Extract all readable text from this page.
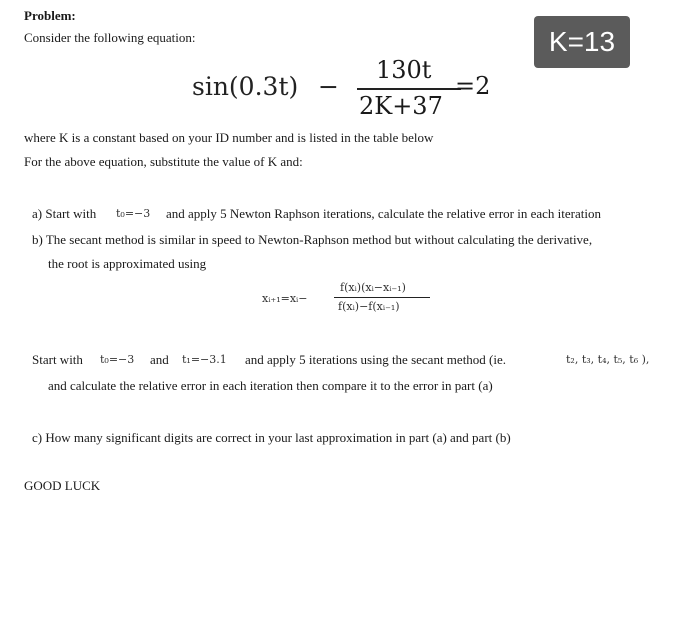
Problem:
Consider the following equation:	K=13
sin(0.3t) −
130t
2K+37
=2
where K is a constant based on your ID number and is listed in the table below
For the above equation, substitute the value of K and:
a) Start with t₀=−3 and apply 5 Newton Raphson iterations, calculate the relative error in each iteration
b) The secant method is similar in speed to Newton-Raphson method but without calculating the derivative,
the root is approximated using
xᵢ₊₁=xᵢ−
f(xᵢ)(xᵢ−xᵢ₋₁)
f(xᵢ)−f(xᵢ₋₁)
Start with t₀=−3 and t₁=−3.1 and apply 5 iterations using the secant method (ie.	t₂, t₃, t₄, t₅, t₆ ),
and calculate the relative error in each iteration then compare it to the error in part (a)
c) How many significant digits are correct in your last approximation in part (a) and part (b)
GOOD LUCK
